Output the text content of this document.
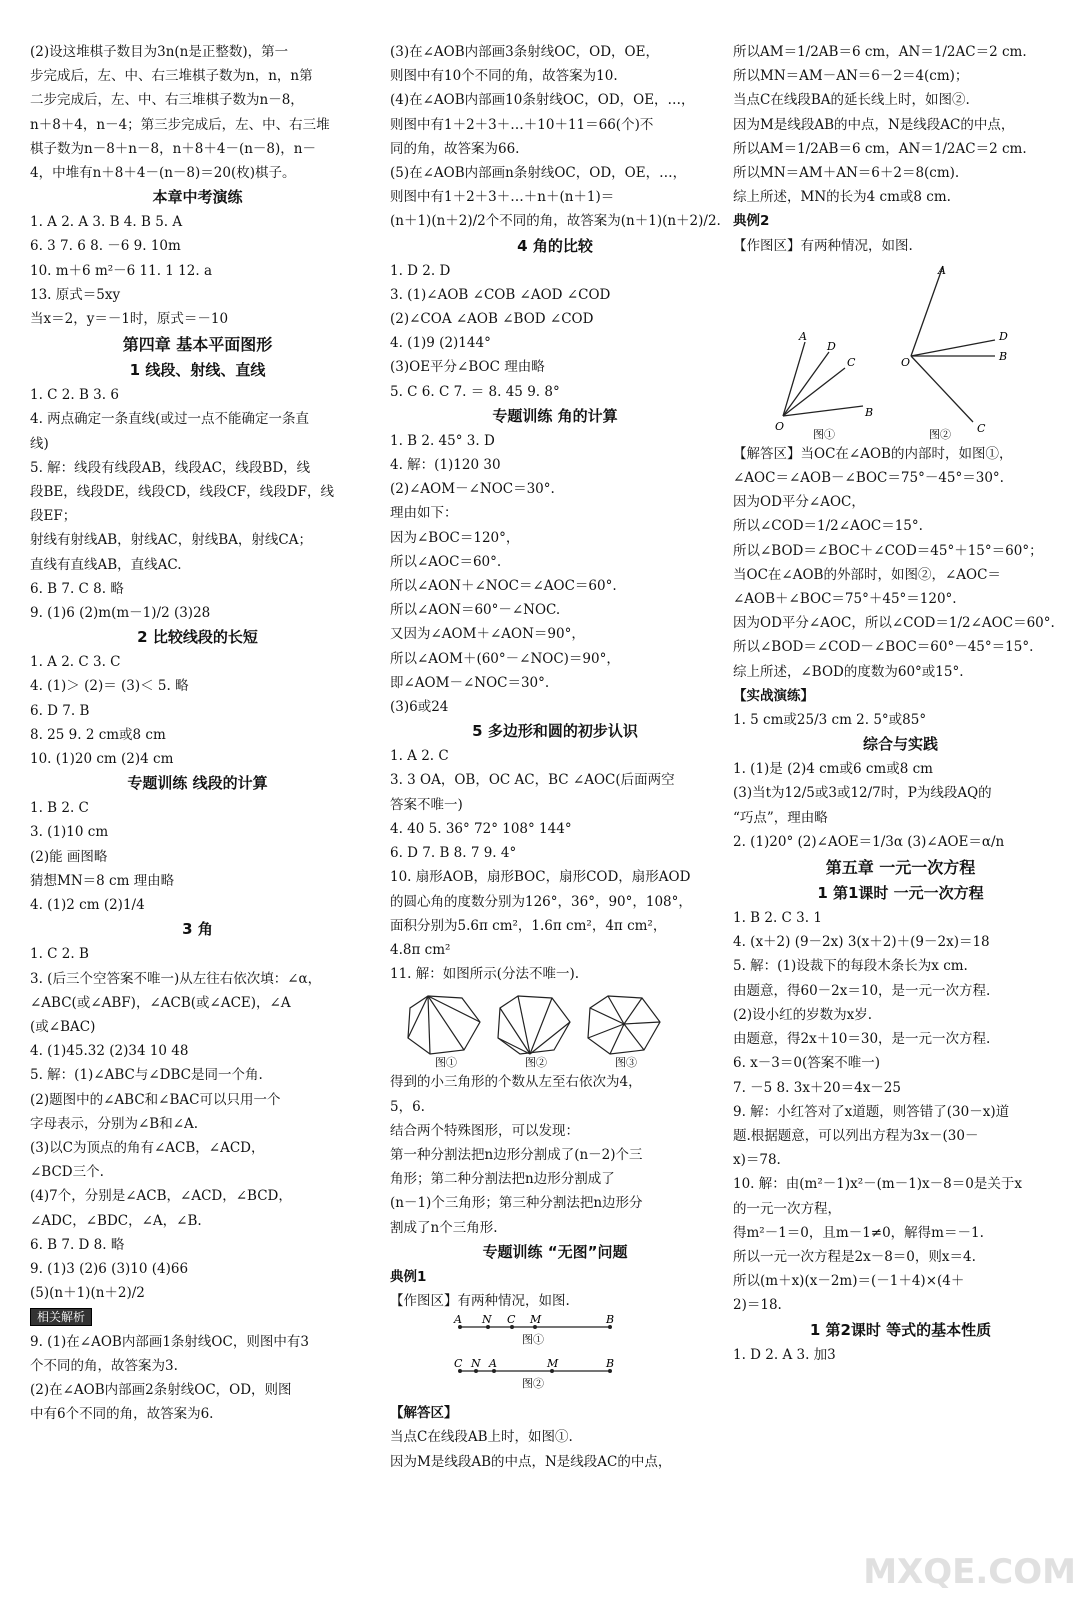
(2)设这堆棋子数目为3n(n是正整数)，第一
步完成后，左、中、右三堆棋子数为n，n，n第
二步完成后，左、中、右三堆棋子数为n－8，
n＋8＋4，n－4；第三步完成后，左、中、右三堆
棋子数为n－8＋n－8，n＋8＋4－(n－8)，n－
4，中堆有n＋8＋4－(n－8)＝20(枚)棋子。
本章中考演练
1. A 2. A 3. B 4. B 5. A
6. 3 7. 6 8. －6 9. 10m
10. m＋6 m²－6 11. 1 12. a
13. 原式＝5xy
当x＝2，y＝－1时，原式＝－10
第四章 基本平面图形
1 线段、射线、直线
1. C 2. B 3. 6
4. 两点确定一条直线(或过一点不能确定一条直
线)
5. 解：线段有线段AB，线段AC，线段BD，线
段BE，线段DE，线段CD，线段CF，线段DF，线
段EF；
射线有射线AB，射线AC，射线BA，射线CA；
直线有直线AB，直线AC.
6. B 7. C 8. 略
9. (1)6 (2)m(m－1)/2 (3)28
2 比较线段的长短
1. A 2. C 3. C
4. (1)＞ (2)＝ (3)＜ 5. 略
6. D 7. B
8. 25 9. 2 cm或8 cm
10. (1)20 cm (2)4 cm
专题训练 线段的计算
1. B 2. C
3. (1)10 cm
(2)能 画图略
猜想MN＝8 cm 理由略
4. (1)2 cm (2)1/4
3 角
1. C 2. B
3. (后三个空答案不唯一)从左往右依次填：∠α，
∠ABC(或∠ABF)，∠ACB(或∠ACE)，∠A
(或∠BAC)
4. (1)45.32 (2)34 10 48
5. 解：(1)∠ABC与∠DBC是同一个角.
(2)题图中的∠ABC和∠BAC可以只用一个
字母表示，分别为∠B和∠A.
(3)以C为顶点的角有∠ACB，∠ACD，
∠BCD三个.
(4)7个，分别是∠ACB，∠ACD，∠BCD，
∠ADC，∠BDC，∠A，∠B.
6. B 7. D 8. 略
9. (1)3 (2)6 (3)10 (4)66
(5)(n＋1)(n＋2)/2
相关解析
9. (1)在∠AOB内部画1条射线OC，则图中有3
个不同的角，故答案为3.
(2)在∠AOB内部画2条射线OC，OD，则图
中有6个不同的角，故答案为6.
(3)在∠AOB内部画3条射线OC，OD，OE，
则图中有10个不同的角，故答案为10.
(4)在∠AOB内部画10条射线OC，OD，OE，…，
则图中有1＋2＋3＋…＋10＋11＝66(个)不
同的角，故答案为66.
(5)在∠AOB内部画n条射线OC，OD，OE，…，
则图中有1＋2＋3＋…＋n＋(n＋1)＝
(n＋1)(n＋2)/2个不同的角，故答案为(n＋1)(n＋2)/2.
4 角的比较
1. D 2. D
3. (1)∠AOB ∠COB ∠AOD ∠COD
(2)∠COA ∠AOB ∠BOD ∠COD
4. (1)9 (2)144°
(3)OE平分∠BOC 理由略
5. C 6. C 7. ＝ 8. 45 9. 8°
专题训练 角的计算
1. B 2. 45° 3. D
4. 解：(1)120 30
(2)∠AOM－∠NOC＝30°.
理由如下：
因为∠BOC＝120°，
所以∠AOC＝60°.
所以∠AON＋∠NOC＝∠AOC＝60°.
所以∠AON＝60°－∠NOC.
又因为∠AOM＋∠AON＝90°，
所以∠AOM＋(60°－∠NOC)＝90°，
即∠AOM－∠NOC＝30°.
(3)6或24
5 多边形和圆的初步认识
1. A 2. C
3. 3 OA，OB，OC AC，BC ∠AOC(后面两空
答案不唯一)
4. 40 5. 36° 72° 108° 144°
6. D 7. B 8. 7 9. 4°
10. 扇形AOB，扇形BOC，扇形COD，扇形AOD
的圆心角的度数分别为126°，36°，90°，108°，
面积分别为5.6π cm²，1.6π cm²，4π cm²，
4.8π cm²
11. 解：如图所示(分法不唯一).
图①	图②	图③
得到的小三角形的个数从左至右依次为4，
5，6.
结合两个特殊图形，可以发现：
第一种分割法把n边形分割成了(n－2)个三
角形；第二种分割法把n边形分割成了
(n－1)个三角形；第三种分割法把n边形分
割成了n个三角形.
专题训练 “无图”问题
典例1
【作图区】有两种情况，如图.
A N C M	B
C N A	M	B
图①
图②
【解答区】
当点C在线段AB上时，如图①.
因为M是线段AB的中点，N是线段AC的中点，
所以AM＝1/2AB＝6 cm，AN＝1/2AC＝2 cm.
所以MN＝AM－AN＝6－2＝4(cm)；
当点C在线段BA的延长线上时，如图②.
因为M是线段AB的中点，N是线段AC的中点，
所以AM＝1/2AB＝6 cm，AN＝1/2AC＝2 cm.
所以MN＝AM＋AN＝6＋2＝8(cm).
综上所述，MN的长为4 cm或8 cm.
典例2
【作图区】有两种情况，如图.
O
B
A
D
C	O
A
D
B
C
图①	图②
【解答区】当OC在∠AOB的内部时，如图①，
∠AOC＝∠AOB－∠BOC＝75°－45°＝30°.
因为OD平分∠AOC，
所以∠COD＝1/2∠AOC＝15°.
所以∠BOD＝∠BOC＋∠COD＝45°＋15°＝60°；
当OC在∠AOB的外部时，如图②，∠AOC＝
∠AOB＋∠BOC＝75°＋45°＝120°.
因为OD平分∠AOC，所以∠COD＝1/2∠AOC＝60°.
所以∠BOD＝∠COD－∠BOC＝60°－45°＝15°.
综上所述，∠BOD的度数为60°或15°.
【实战演练】
1. 5 cm或25/3 cm 2. 5°或85°
综合与实践
1. (1)是 (2)4 cm或6 cm或8 cm
(3)当t为12/5或3或12/7时，P为线段AQ的
“巧点”，理由略
2. (1)20° (2)∠AOE＝1/3α (3)∠AOE＝α/n
第五章 一元一次方程
1 第1课时 一元一次方程
1. B 2. C 3. 1
4. (x＋2) (9－2x) 3(x＋2)＋(9－2x)＝18
5. 解：(1)设裁下的每段木条长为x cm.
由题意，得60－2x＝10，是一元一次方程.
(2)设小红的岁数为x岁.
由题意，得2x＋10＝30，是一元一次方程.
6. x－3＝0(答案不唯一)
7. －5 8. 3x＋20＝4x－25
9. 解：小红答对了x道题，则答错了(30－x)道
题.根据题意，可以列出方程为3x－(30－
x)＝78.
10. 解：由(m²－1)x²－(m－1)x－8＝0是关于x
的一元一次方程，
得m²－1＝0，且m－1≠0，解得m＝－1.
所以一元一次方程是2x－8＝0，则x＝4.
所以(m＋x)(x－2m)＝(－1＋4)×(4＋
2)＝18.
1 第2课时 等式的基本性质
1. D 2. A 3. 加3
MXQE.COM
